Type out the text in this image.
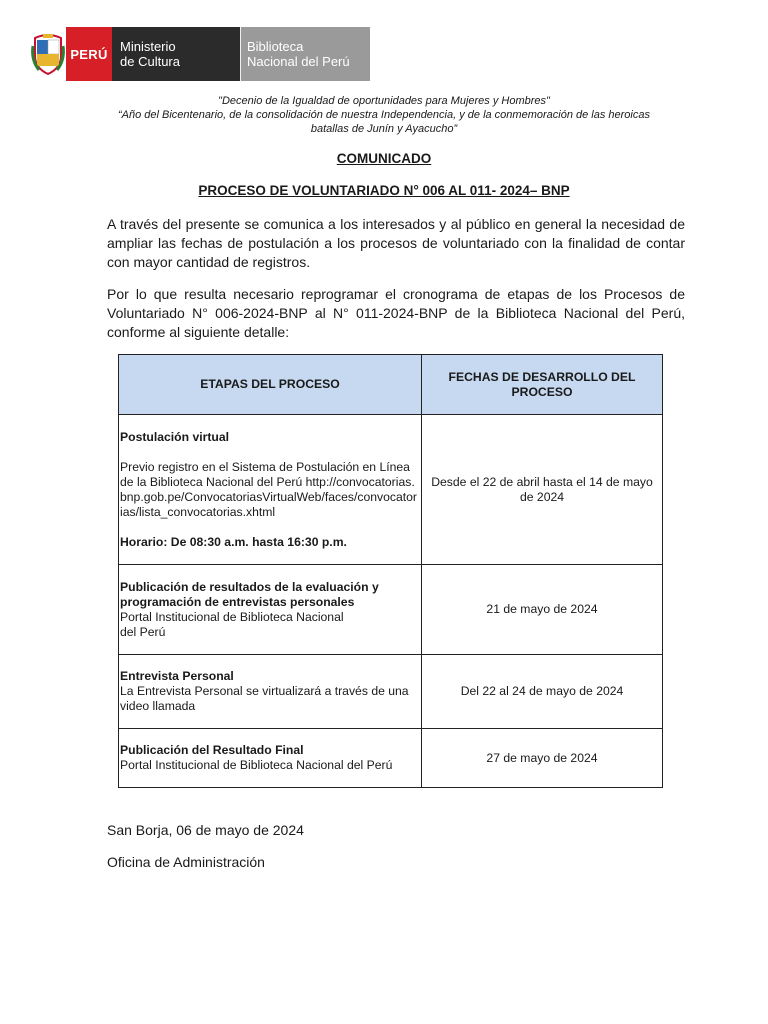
PERÚ Ministerio
de Cultura
Biblioteca
Nacional del Perú
"Decenio de la Igualdad de oportunidades para Mujeres y Hombres"
“Año del Bicentenario, de la consolidación de nuestra Independencia, y de la conmemoración de las heroicas
batallas de Junín y Ayacucho”
COMUNICADO
PROCESO DE VOLUNTARIADO N° 006 AL 011- 2024– BNP
A través del presente se comunica a los interesados y al público en general la necesidad de ampliar las fechas de postulación a los procesos de voluntariado con la finalidad de contar con mayor cantidad de registros.
Por lo que resulta necesario reprogramar el cronograma de etapas de los Procesos de Voluntariado N° 006-2024-BNP al N° 011-2024-BNP de la Biblioteca Nacional del Perú, conforme al siguiente detalle:
ETAPAS DEL PROCESO	FECHAS DE DESARROLLO DEL PROCESO

Postulación virtual
Previo registro en el Sistema de Postulación en Línea de la Biblioteca Nacional del Perú http://convocatorias.bnp.gob.pe/ConvocatoriasVirtualWeb/faces/convocatorias/lista_convocatorias.xhtml
Horario: De 08:30 a.m. hasta 16:30 p.m.	Desde el 22 de abril hasta el 14 de mayo de 2024

Publicación de resultados de la evaluación y programación de entrevistas personales
Portal Institucional de Biblioteca Nacional del Perú	21 de mayo de 2024

Entrevista Personal
La Entrevista Personal se virtualizará a través de una video llamada	Del 22 al 24 de mayo de 2024

Publicación del Resultado Final
Portal Institucional de Biblioteca Nacional del Perú	27 de mayo de 2024
San Borja, 06 de mayo de 2024
Oficina de Administración
